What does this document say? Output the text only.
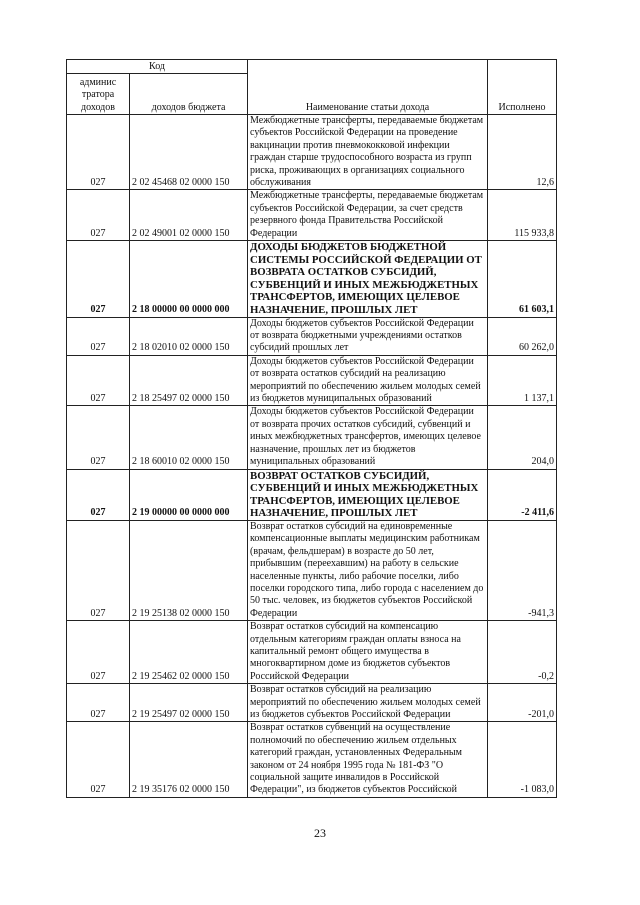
Код		Наименование статьи дохода	Исполнено
админис тратора доходов	доходов бюджета		
027	2 02 45468 02 0000 150	Межбюджетные трансферты, передаваемые бюджетам субъектов Российской Федерации на проведение вакцинации против пневмококковой инфекции граждан старше трудоспособного возраста из групп риска, проживающих в организациях социального обслуживания	12,6
027	2 02 49001 02 0000 150	Межбюджетные трансферты, передаваемые бюджетам субъектов Российской Федерации, за счет средств резервного фонда Правительства Российской Федерации	115 933,8
027	2 18 00000 00 0000 000	ДОХОДЫ БЮДЖЕТОВ БЮДЖЕТНОЙ СИСТЕМЫ РОССИЙСКОЙ ФЕДЕРАЦИИ ОТ ВОЗВРАТА ОСТАТКОВ СУБСИДИЙ, СУБВЕНЦИЙ И ИНЫХ МЕЖБЮДЖЕТНЫХ ТРАНСФЕРТОВ, ИМЕЮЩИХ ЦЕЛЕВОЕ НАЗНАЧЕНИЕ, ПРОШЛЫХ ЛЕТ	61 603,1
027	2 18 02010 02 0000 150	Доходы бюджетов субъектов Российской Федерации от возврата бюджетными учреждениями остатков субсидий прошлых лет	60 262,0
027	2 18 25497 02 0000 150	Доходы бюджетов субъектов Российской Федерации от возврата остатков субсидий на реализацию мероприятий по обеспечению жильем молодых семей из бюджетов муниципальных образований	1 137,1
027	2 18 60010 02 0000 150	Доходы бюджетов субъектов Российской Федерации от возврата прочих остатков субсидий, субвенций и иных межбюджетных трансфертов, имеющих целевое назначение, прошлых лет из бюджетов муниципальных образований	204,0
027	2 19 00000 00 0000 000	ВОЗВРАТ ОСТАТКОВ СУБСИДИЙ, СУБВЕНЦИЙ И ИНЫХ МЕЖБЮДЖЕТНЫХ ТРАНСФЕРТОВ, ИМЕЮЩИХ ЦЕЛЕВОЕ НАЗНАЧЕНИЕ, ПРОШЛЫХ ЛЕТ	-2 411,6
027	2 19 25138 02 0000 150	Возврат остатков субсидий на единовременные компенсационные выплаты медицинским работникам (врачам, фельдшерам) в возрасте до 50 лет, прибывшим (переехавшим) на работу в сельские населенные пункты, либо рабочие поселки, либо поселки городского типа, либо города с населением до 50 тыс. человек, из бюджетов субъектов Российской Федерации	-941,3
027	2 19 25462 02 0000 150	Возврат остатков субсидий на компенсацию отдельным категориям граждан оплаты взноса на капитальный ремонт общего имущества в многоквартирном доме из бюджетов субъектов Российской Федерации	-0,2
027	2 19 25497 02 0000 150	Возврат остатков субсидий на реализацию мероприятий по обеспечению жильем молодых семей из бюджетов субъектов Российской Федерации	-201,0
027	2 19 35176 02 0000 150	Возврат остатков субвенций на осуществление полномочий по обеспечению жильем отдельных категорий граждан, установленных Федеральным законом от 24 ноября 1995 года № 181-ФЗ "О социальной защите инвалидов в Российской Федерации", из бюджетов субъектов Российской	-1 083,0
23
